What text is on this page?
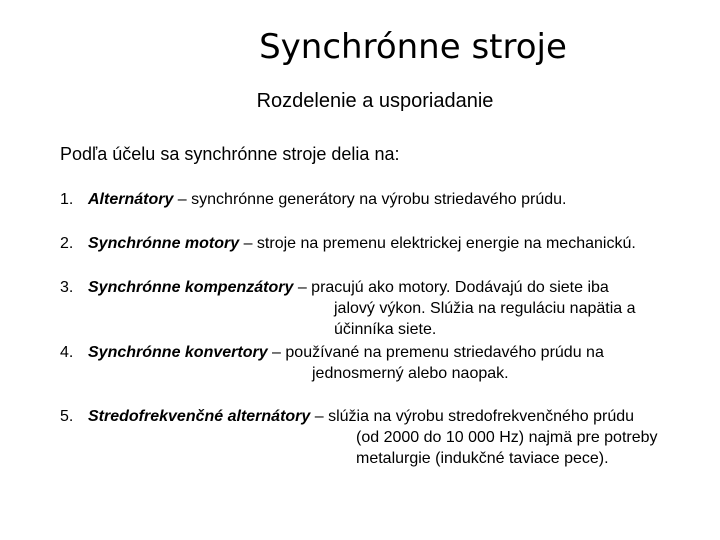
Synchrónne stroje
Rozdelenie a usporiadanie
Podľa účelu sa synchrónne stroje delia na:
1. Alternátory – synchrónne generátory na výrobu striedavého prúdu.
2. Synchrónne motory – stroje na premenu elektrickej energie na mechanickú.
3. Synchrónne kompenzátory – pracujú ako motory. Dodávajú do siete iba
jalový výkon. Slúžia na reguláciu napätia a
účinníka siete.
4. Synchrónne konvertory – používané na premenu striedavého prúdu na
jednosmerný alebo naopak.
5. Stredofrekvenčné alternátory – slúžia na výrobu stredofrekvenčného prúdu
(od 2000 do 10 000 Hz) najmä pre potreby
metalurgie (indukčné taviace pece).
